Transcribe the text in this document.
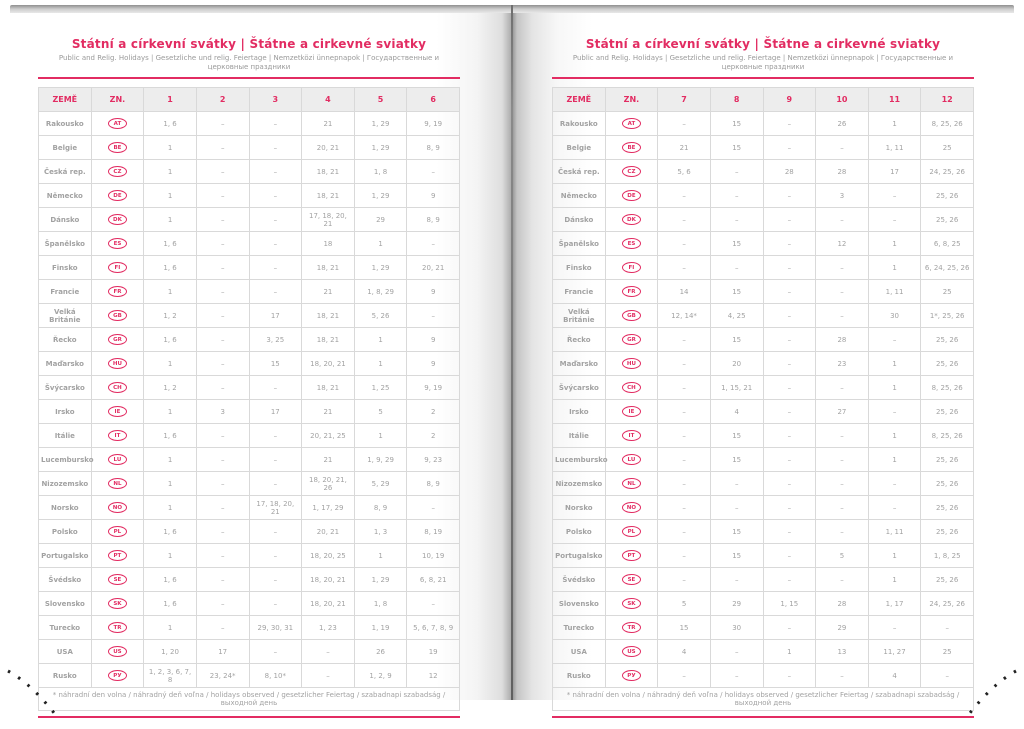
Státní a církevní svátky | Štátne a cirkevné sviatky
Public and Relig. Holidays | Gesetzliche und relig. Feiertage | Nemzetközi ünnepnapok | Государственные и церковные праздники
ZEMĚ	ZN.	1	2	3	4	5	6
Rakousko	AT	1, 6	–	–	21	1, 29	9, 19
Belgie	BE	1	–	–	20, 21	1, 29	8, 9
Česká rep.	CZ	1	–	–	18, 21	1, 8	–
Německo	DE	1	–	–	18, 21	1, 29	9
Dánsko	DK	1	–	–	17, 18, 20, 21	29	8, 9
Španělsko	ES	1, 6	–	–	18	1	–
Finsko	FI	1, 6	–	–	18, 21	1, 29	20, 21
Francie	FR	1	–	–	21	1, 8, 29	9
Velká Británie	GB	1, 2	–	17	18, 21	5, 26	–
Řecko	GR	1, 6	–	3, 25	18, 21	1	9
Maďarsko	HU	1	–	15	18, 20, 21	1	9
Švýcarsko	CH	1, 2	–	–	18, 21	1, 25	9, 19
Irsko	IE	1	3	17	21	5	2
Itálie	IT	1, 6	–	–	20, 21, 25	1	2
Lucembursko	LU	1	–	–	21	1, 9, 29	9, 23
Nizozemsko	NL	1	–	–	18, 20, 21, 26	5, 29	8, 9
Norsko	NO	1	–	17, 18, 20, 21	1, 17, 29	8, 9	–
Polsko	PL	1, 6	–	–	20, 21	1, 3	8, 19
Portugalsko	PT	1	–	–	18, 20, 25	1	10, 19
Švédsko	SE	1, 6	–	–	18, 20, 21	1, 29	6, 8, 21
Slovensko	SK	1, 6	–	–	18, 20, 21	1, 8	–
Turecko	TR	1	–	29, 30, 31	1, 23	1, 19	5, 6, 7, 8, 9
USA	US	1, 20	17	–	–	26	19
Rusko	РУ	1, 2, 3, 6, 7, 8	23, 24*	8, 10*	–	1, 2, 9	12
* náhradní den volna / náhradný deň voľna / holidays observed / gesetzlicher Feiertag / szabadnapi szabadság / выходной день							
Státní a církevní svátky | Štátne a cirkevné sviatky
Public and Relig. Holidays | Gesetzliche und relig. Feiertage | Nemzetközi ünnepnapok | Государственные и церковные праздники
ZEMĚ	ZN.	7	8	9	10	11	12
Rakousko	AT	–	15	–	26	1	8, 25, 26
Belgie	BE	21	15	–	–	1, 11	25
Česká rep.	CZ	5, 6	–	28	28	17	24, 25, 26
Německo	DE	–	–	–	3	–	25, 26
Dánsko	DK	–	–	–	–	–	25, 26
Španělsko	ES	–	15	–	12	1	6, 8, 25
Finsko	FI	–	–	–	–	1	6, 24, 25, 26
Francie	FR	14	15	–	–	1, 11	25
Velká Británie	GB	12, 14*	4, 25	–	–	30	1*, 25, 26
Řecko	GR	–	15	–	28	–	25, 26
Maďarsko	HU	–	20	–	23	1	25, 26
Švýcarsko	CH	–	1, 15, 21	–	–	1	8, 25, 26
Irsko	IE	–	4	–	27	–	25, 26
Itálie	IT	–	15	–	–	1	8, 25, 26
Lucembursko	LU	–	15	–	–	1	25, 26
Nizozemsko	NL	–	–	–	–	–	25, 26
Norsko	NO	–	–	–	–	–	25, 26
Polsko	PL	–	15	–	–	1, 11	25, 26
Portugalsko	PT	–	15	–	5	1	1, 8, 25
Švédsko	SE	–	–	–	–	1	25, 26
Slovensko	SK	5	29	1, 15	28	1, 17	24, 25, 26
Turecko	TR	15	30	–	29	–	–
USA	US	4	–	1	13	11, 27	25
Rusko	РУ	–	–	–	–	4	–
* náhradní den volna / náhradný deň voľna / holidays observed / gesetzlicher Feiertag / szabadnapi szabadság / выходной день							
